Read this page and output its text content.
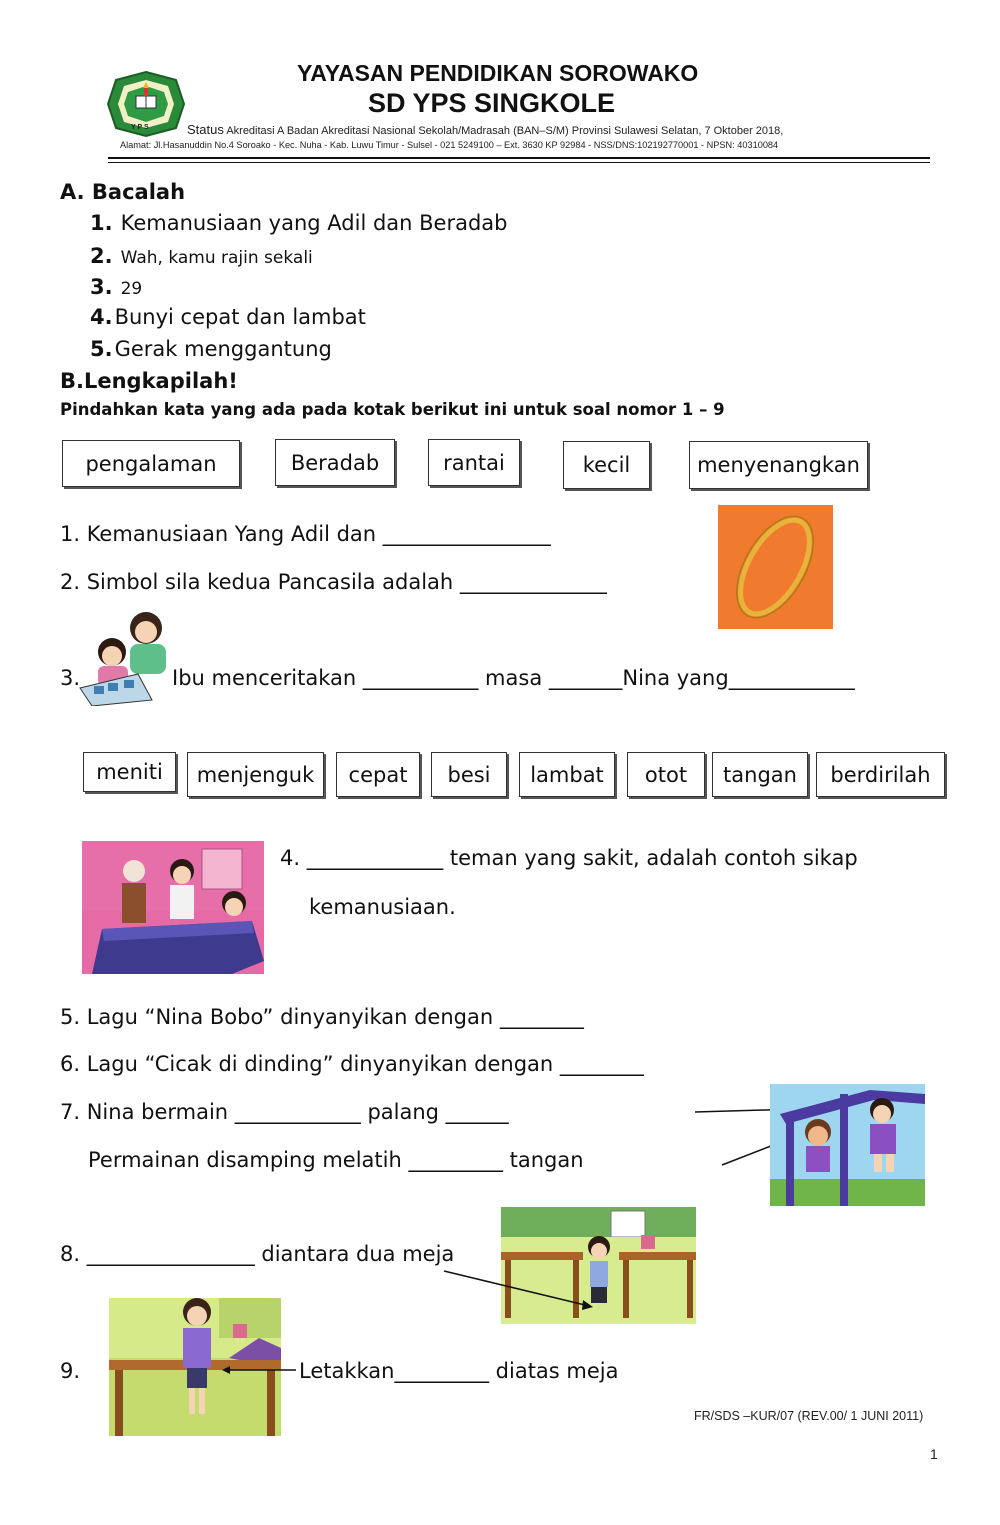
Y P S
YAYASAN PENDIDIKAN SOROWAKO
SD YPS SINGKOLE
Status Akreditasi A Badan Akreditasi Nasional Sekolah/Madrasah (BAN–S/M) Provinsi Sulawesi Selatan, 7 Oktober 2018,
Alamat: Jl.Hasanuddin No.4 Soroako - Kec. Nuha - Kab. Luwu Timur - Sulsel - 021 5249100 – Ext. 3630 KP 92984 - NSS/DNS:102192770001 - NPSN: 40310084
A. Bacalah
1. Kemanusiaan yang Adil dan Beradab
2. Wah, kamu rajin sekali
3. 29
4.Bunyi cepat dan lambat
5.Gerak menggantung
B.Lengkapilah!
Pindahkan kata yang ada pada kotak berikut ini untuk soal nomor 1 – 9
pengalaman	Beradab	rantai	kecil	menyenangkan
1. Kemanusiaan Yang Adil dan ________________
2. Simbol sila kedua Pancasila adalah ______________
3.	Ibu menceritakan ___________ masa _______Nina yang____________
meniti	menjenguk	cepat	besi	lambat	otot	tangan	berdirilah
4. _____________ teman yang sakit, adalah contoh sikap
kemanusiaan.
5. Lagu “Nina Bobo” dinyanyikan dengan ________
6. Lagu “Cicak di dinding” dinyanyikan dengan ________
7. Nina bermain ____________ palang ______
Permainan disamping melatih _________ tangan
8. ________________ diantara dua meja
9.	Letakkan_________ diatas meja
FR/SDS –KUR/07 (REV.00/ 1 JUNI 2011)
1
